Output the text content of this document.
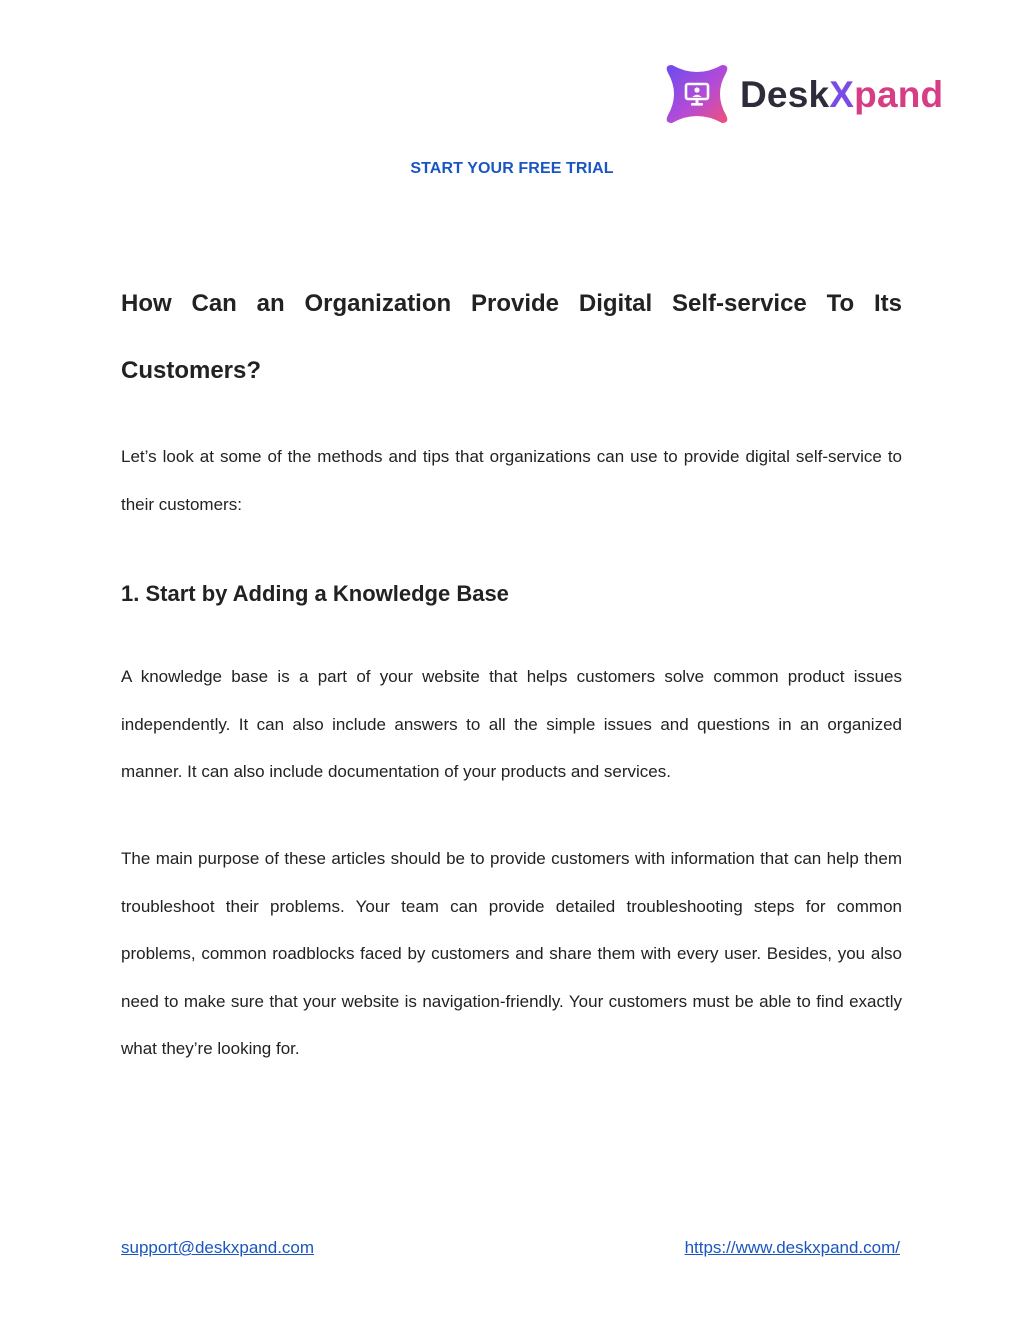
DeskXpand
START YOUR FREE TRIAL
How Can an Organization Provide Digital Self-service To Its Customers?

Let’s look at some of the methods and tips that organizations can use to provide digital self-service to their customers:

1. Start by Adding a Knowledge Base

A knowledge base is a part of your website that helps customers solve common product issues independently. It can also include answers to all the simple issues and questions in an organized manner. It can also include documentation of your products and services.

The main purpose of these articles should be to provide customers with information that can help them troubleshoot their problems. Your team can provide detailed troubleshooting steps for common problems, common roadblocks faced by customers and share them with every user. Besides, you also need to make sure that your website is navigation-friendly. Your customers must be able to find exactly what they’re looking for.

support@deskxpand.com	https://www.deskxpand.com/
